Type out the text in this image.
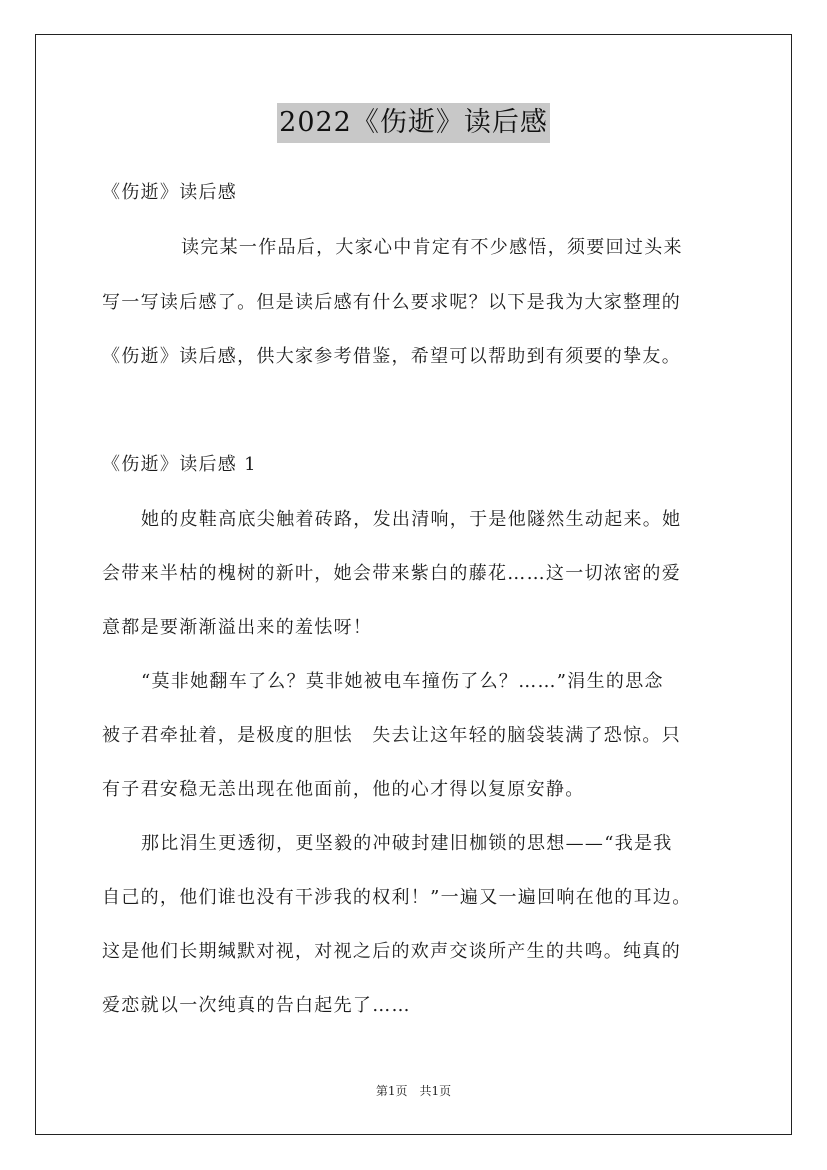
2022《伤逝》读后感
《伤逝》读后感
读完某一作品后，大家心中肯定有不少感悟，须要回过头来
写一写读后感了。但是读后感有什么要求呢？以下是我为大家整理的
《伤逝》读后感，供大家参考借鉴，希望可以帮助到有须要的挚友。
《伤逝》读后感 1
她的皮鞋高底尖触着砖路，发出清响，于是他隧然生动起来。她
会带来半枯的槐树的新叶，她会带来紫白的藤花……这一切浓密的爱
意都是要渐渐溢出来的羞怯呀！
“莫非她翻车了么？莫非她被电车撞伤了么？……”涓生的思念
被子君牵扯着，是极度的胆怯　失去让这年轻的脑袋装满了恐惊。只
有子君安稳无恙出现在他面前，他的心才得以复原安静。
那比涓生更透彻，更坚毅的冲破封建旧枷锁的思想——“我是我
自己的，他们谁也没有干涉我的权利！”一遍又一遍回响在他的耳边。
这是他们长期缄默对视，对视之后的欢声交谈所产生的共鸣。纯真的
爱恋就以一次纯真的告白起先了……
第1页　共1页
